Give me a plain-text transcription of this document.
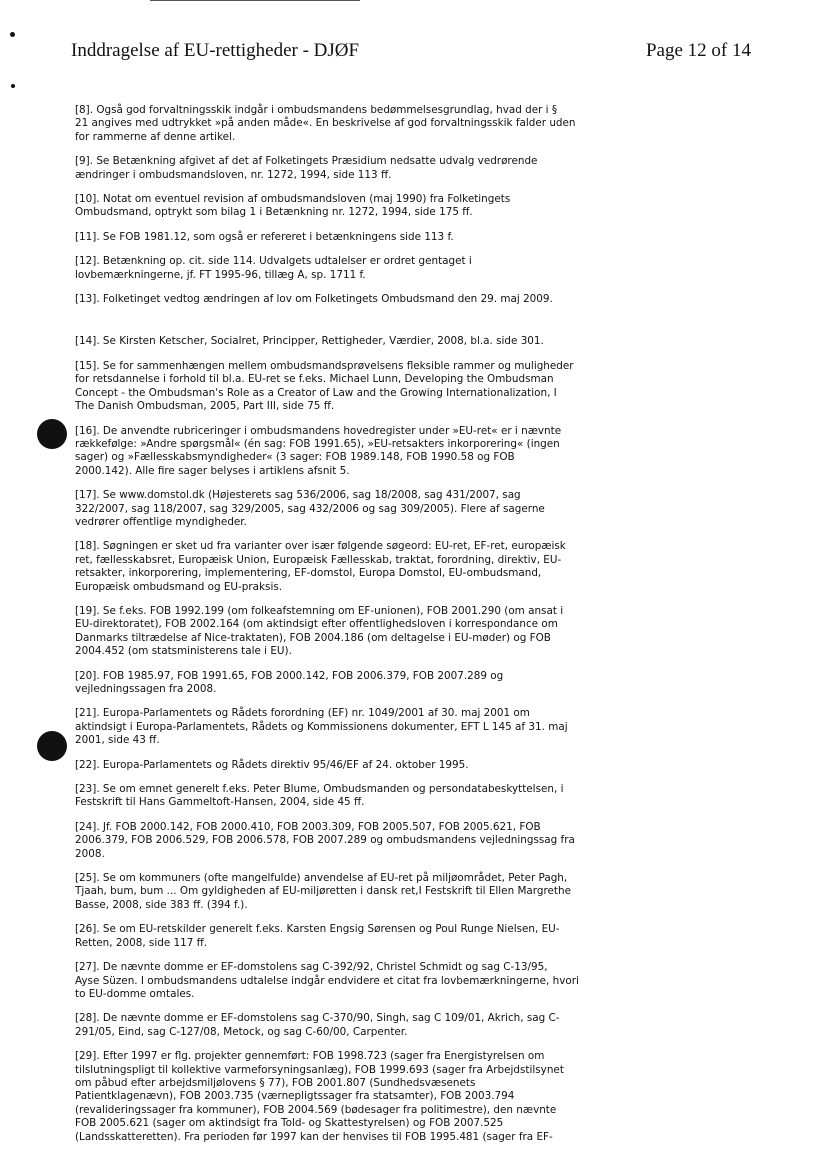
Inddragelse af EU-rettigheder - DJØF	Page 12 of 14

[8]. Også god forvaltningsskik indgår i ombudsmandens bedømmelsesgrundlag, hvad der i §
21 angives med udtrykket »på anden måde«. En beskrivelse af god forvaltningsskik falder uden
for rammerne af denne artikel.

[9]. Se Betænkning afgivet af det af Folketingets Præsidium nedsatte udvalg vedrørende
ændringer i ombudsmandsloven, nr. 1272, 1994, side 113 ff.

[10]. Notat om eventuel revision af ombudsmandsloven (maj 1990) fra Folketingets
Ombudsmand, optrykt som bilag 1 i Betænkning nr. 1272, 1994, side 175 ff.

[11]. Se FOB 1981.12, som også er refereret i betænkningens side 113 f.

[12]. Betænkning op. cit. side 114. Udvalgets udtalelser er ordret gentaget i
lovbemærkningerne, jf. FT 1995-96, tillæg A, sp. 1711 f.

[13]. Folketinget vedtog ændringen af lov om Folketingets Ombudsmand den 29. maj 2009.

[14]. Se Kirsten Ketscher, Socialret, Principper, Rettigheder, Værdier, 2008, bl.a. side 301.

[15]. Se for sammenhængen mellem ombudsmandsprøvelsens fleksible rammer og muligheder
for retsdannelse i forhold til bl.a. EU-ret se f.eks. Michael Lunn, Developing the Ombudsman
Concept - the Ombudsman's Role as a Creator of Law and the Growing Internationalization, I
The Danish Ombudsman, 2005, Part III, side 75 ff.

[16]. De anvendte rubriceringer i ombudsmandens hovedregister under »EU-ret« er i nævnte
rækkefølge: »Andre spørgsmål« (én sag: FOB 1991.65), »EU-retsakters inkorporering« (ingen
sager) og »Fællesskabsmyndigheder« (3 sager: FOB 1989.148, FOB 1990.58 og FOB
2000.142). Alle fire sager belyses i artiklens afsnit 5.

[17]. Se www.domstol.dk (Højesterets sag 536/2006, sag 18/2008, sag 431/2007, sag
322/2007, sag 118/2007, sag 329/2005, sag 432/2006 og sag 309/2005). Flere af sagerne
vedrører offentlige myndigheder.

[18]. Søgningen er sket ud fra varianter over især følgende søgeord: EU-ret, EF-ret, europæisk
ret, fællesskabsret, Europæisk Union, Europæisk Fællesskab, traktat, forordning, direktiv, EU-
retsakter, inkorporering, implementering, EF-domstol, Europa Domstol, EU-ombudsmand,
Europæisk ombudsmand og EU-praksis.

[19]. Se f.eks. FOB 1992.199 (om folkeafstemning om EF-unionen), FOB 2001.290 (om ansat i
EU-direktoratet), FOB 2002.164 (om aktindsigt efter offentlighedsloven i korrespondance om
Danmarks tiltrædelse af Nice-traktaten), FOB 2004.186 (om deltagelse i EU-møder) og FOB
2004.452 (om statsministerens tale i EU).

[20]. FOB 1985.97, FOB 1991.65, FOB 2000.142, FOB 2006.379, FOB 2007.289 og
vejledningssagen fra 2008.

[21]. Europa-Parlamentets og Rådets forordning (EF) nr. 1049/2001 af 30. maj 2001 om
aktindsigt i Europa-Parlamentets, Rådets og Kommissionens dokumenter, EFT L 145 af 31. maj
2001, side 43 ff.

[22]. Europa-Parlamentets og Rådets direktiv 95/46/EF af 24. oktober 1995.

[23]. Se om emnet generelt f.eks. Peter Blume, Ombudsmanden og persondatabeskyttelsen, i
Festskrift til Hans Gammeltoft-Hansen, 2004, side 45 ff.

[24]. Jf. FOB 2000.142, FOB 2000.410, FOB 2003.309, FOB 2005.507, FOB 2005.621, FOB
2006.379, FOB 2006.529, FOB 2006.578, FOB 2007.289 og ombudsmandens vejledningssag fra
2008.

[25]. Se om kommuners (ofte mangelfulde) anvendelse af EU-ret på miljøområdet, Peter Pagh,
Tjaah, bum, bum ... Om gyldigheden af EU-miljøretten i dansk ret,I Festskrift til Ellen Margrethe
Basse, 2008, side 383 ff. (394 f.).

[26]. Se om EU-retskilder generelt f.eks. Karsten Engsig Sørensen og Poul Runge Nielsen, EU-
Retten, 2008, side 117 ff.

[27]. De nævnte domme er EF-domstolens sag C-392/92, Christel Schmidt og sag C-13/95,
Ayse Süzen. I ombudsmandens udtalelse indgår endvidere et citat fra lovbemærkningerne, hvori
to EU-domme omtales.

[28]. De nævnte domme er EF-domstolens sag C-370/90, Singh, sag C 109/01, Akrich, sag C-
291/05, Eind, sag C-127/08, Metock, og sag C-60/00, Carpenter.

[29]. Efter 1997 er flg. projekter gennemført: FOB 1998.723 (sager fra Energistyrelsen om
tilslutningspligt til kollektive varmeforsyningsanlæg), FOB 1999.693 (sager fra Arbejdstilsynet
om påbud efter arbejdsmiljølovens § 77), FOB 2001.807 (Sundhedsvæsenets
Patientklagenævn), FOB 2003.735 (værnepligtssager fra statsamter), FOB 2003.794
(revalideringssager fra kommuner), FOB 2004.569 (bødesager fra politimestre), den nævnte
FOB 2005.621 (sager om aktindsigt fra Told- og Skattestyrelsen) og FOB 2007.525
(Landsskatteretten). Fra perioden før 1997 kan der henvises til FOB 1995.481 (sager fra EF-
